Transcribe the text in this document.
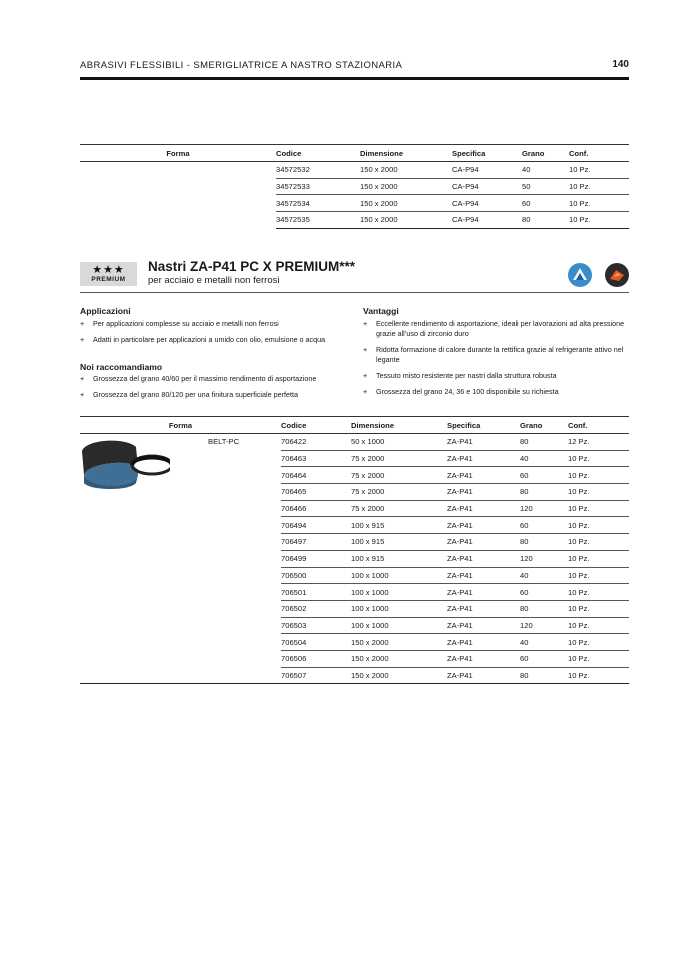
ABRASIVI FLESSIBILI - SMERIGLIATRICE A NASTRO STAZIONARIA	140
Forma	Codice	Dimensione	Specifica	Grano	Conf.
	34572532	150 x 2000	CA-P94	40	10 Pz.
	34572533	150 x 2000	CA-P94	50	10 Pz.
	34572534	150 x 2000	CA-P94	60	10 Pz.
	34572535	150 x 2000	CA-P94	80	10 Pz.
★★★
PREMIUM
Nastri ZA-P41 PC X PREMIUM***
per acciaio e metalli non ferrosi
Applicazioni
+ Per applicazioni complesse su acciaio e metalli non ferrosi
+ Adatti in particolare per applicazioni a umido con olio, emulsione o acqua
Noi raccomandiamo
+ Grossezza del grano 40/60 per il massimo rendimento di asportazione
+ Grossezza del grano 80/120 per una finitura superficiale perfetta
Vantaggi
+ Eccellente rendimento di asportazione, ideali per lavorazioni ad alta pressione grazie all’uso di zirconio duro
+ Ridotta formazione di calore durante la rettifica grazie al refrigerante attivo nel legante
+ Tessuto misto resistente per nastri dalla struttura robusta
+ Grossezza del grano 24, 36 e 100 disponibile su richiesta
Forma	Codice	Dimensione	Specifica	Grano	Conf.
	706422	50 x 1000	ZA-P41	80	12 Pz.
	706463	75 x 2000	ZA-P41	40	10 Pz.
	706464	75 x 2000	ZA-P41	60	10 Pz.
	706465	75 x 2000	ZA-P41	80	10 Pz.
	706466	75 x 2000	ZA-P41	120	10 Pz.
	706494	100 x 915	ZA-P41	60	10 Pz.
	706497	100 x 915	ZA-P41	80	10 Pz.
	706499	100 x 915	ZA-P41	120	10 Pz.
	706500	100 x 1000	ZA-P41	40	10 Pz.
	706501	100 x 1000	ZA-P41	60	10 Pz.
	706502	100 x 1000	ZA-P41	80	10 Pz.
	706503	100 x 1000	ZA-P41	120	10 Pz.
	706504	150 x 2000	ZA-P41	40	10 Pz.
	706506	150 x 2000	ZA-P41	60	10 Pz.
	706507	150 x 2000	ZA-P41	80	10 Pz.
BELT-PC
